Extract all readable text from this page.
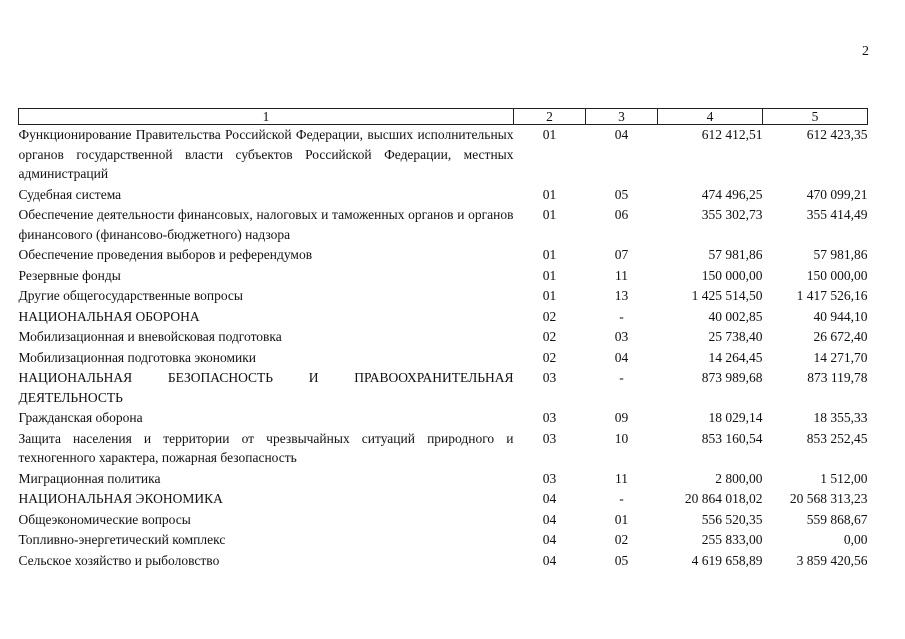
2
1	2	3	4	5
Функционирование Правительства Российской Федерации, высших исполнительных органов государственной власти субъектов Российской Федерации, местных администраций	01	04	612 412,51	612 423,35
Судебная система	01	05	474 496,25	470 099,21
Обеспечение деятельности финансовых, налоговых и таможенных органов и органов финансового (финансово-бюджетного) надзора	01	06	355 302,73	355 414,49
Обеспечение проведения выборов и референдумов	01	07	57 981,86	57 981,86
Резервные фонды	01	11	150 000,00	150 000,00
Другие общегосударственные вопросы	01	13	1 425 514,50	1 417 526,16
НАЦИОНАЛЬНАЯ ОБОРОНА	02	-	40 002,85	40 944,10
Мобилизационная и вневойсковая подготовка	02	03	25 738,40	26 672,40
Мобилизационная подготовка экономики	02	04	14 264,45	14 271,70
НАЦИОНАЛЬНАЯ БЕЗОПАСНОСТЬ И ПРАВООХРАНИТЕЛЬНАЯ ДЕЯТЕЛЬНОСТЬ	03	-	873 989,68	873 119,78
Гражданская оборона	03	09	18 029,14	18 355,33
Защита населения и территории от чрезвычайных ситуаций природного и техногенного характера, пожарная безопасность	03	10	853 160,54	853 252,45
Миграционная политика	03	11	2 800,00	1 512,00
НАЦИОНАЛЬНАЯ ЭКОНОМИКА	04	-	20 864 018,02	20 568 313,23
Общеэкономические вопросы	04	01	556 520,35	559 868,67
Топливно-энергетический комплекс	04	02	255 833,00	0,00
Сельское хозяйство и рыболовство	04	05	4 619 658,89	3 859 420,56
